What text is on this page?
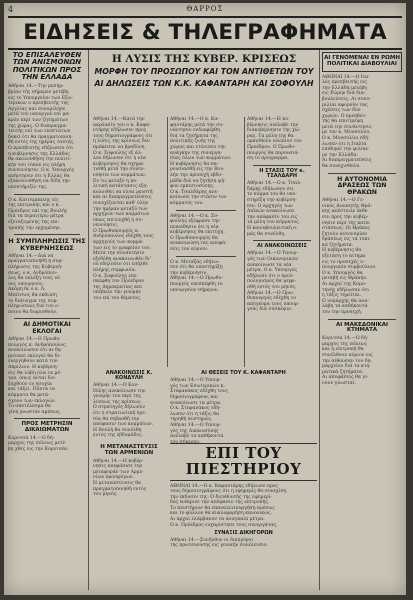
4	ΘΑΡΡΟΣ
ΕΙΔΗΣΕΙΣ & ΤΗΛΕΓΡΑΦΗΜΑΤΑ
ΤΟ ΕΠΙΣΑΛΕΥΘΕΝ ΤΩΝ ΑΝΙΣΜΟΝΩΝ ΠΟΛΙΤΙΚΩΝ ΠΡΟΣ ΤΗΝ ΕΛΛΑΔΑ
Αθήναι 14.—Την μεσημ-
βρίαν τής σήμερον μετέβη
εις το Υπουργείον των Εξω-
τερικών ο πρεσβευτής της
Αγγλίας και συνομίλησε
μετά του υπουργού επί μα-
κρόν περί των ζητημάτων
της χώρας. Ο διαπραγμα-
τευτής επί των ενεστώτων
δοκεί ότι θα πραγματοποιη-
θή εντός της ημέρας ταύτης.
Ο πρεσβευτής εδήλωσεν ότι
η κυβέρνησις της Ελλάδος
θα ακολουθήση την πολιτι-
κήν του τόπου εις πλήρη
συνεννόησιν. Ο κ. Υπουργός
απήντησεν ότι η Ελλάς θα
εξακολουθήση να δίδη την
υποστήριξίν της.
Ο κ. Κατσιμπαλης είς
της επιτροπής και ο κ.
Πρόεδρος επί της Βουλής
διά τα περαιτέρω μέτρα
εξεταζομένης της επι-
τροπής την ερχομένην.
Η ΣΥΜΠΛΗΡΩΣΙΣ ΤΗΣ ΚΥΒΕΡΝΗΣΕΩΣ
Αθήναι 14.—Διά να
πραγματοποιηθή η συμ-
πλήρωσις της Κυβερνή-
σεως, ο κ. Ανδρόπου-
λος θα εκλέξη τους νέ-
ους υπουργούς.
Ακόμη δε ο κ. Λ.
Μπίτσιος θα εκδώση
το διάταγμα της συμ-
πληρώσεως διά του ο-
ποίου θα διορισθούν.
ΑΙ ΔΗΜΟΤΙΚΑΙ ΕΚΛΟΓΑΙ
Αθήναι 14.—Ο Πρωθυ-
πουργός κ. Ανδρόπουλος
ανεκοίνωσεν ότι αι δη-
μοτικαί εκλογαί θα δι-
ενεργηθούν κατά τον
Απρίλιον. Η κυβέρνη-
σις θα λάβη όλα τα μέ-
τρα, όπως αύται διε-
ξαχθούν εν ησυχία
και τάξει. Πάντα τα
κόμματα θα μετά-
σχουν των εκλογών.
Το αποτέλεσμα θα
γίνη γνωστόν αμέσως.
ΠΡΟΣ ΜΕΤΡΗΣΙΝ ΔΙΚΑΙΩΜΑΤΩΝ
Κορυτσά 14.—Ο δή-
μαρχος της πόλεως μετέ-
βη χθες εις την Κορυτσάν
Η ΛΥΣΙΣ ΤΗΣ ΚΥΒΕΡ. ΚΡΙΣΕΩΣ
ΜΟΡΦΗ ΤΟΥ ΠΡΟΣΩΠΟΥ ΚΑΙ ΤΟΝ ΑΝΤΙΘΕΤΩΝ ΤΟΥ
ΑΙ ΔΗΛΩΣΕΙΣ ΤΩΝ Κ.Κ. ΚΑΦΑΝΤΑΡΗ ΚΑΙ ΣΟΦΟΥΛΗ
Αθήναι 14.—Κατά την
ακρόασίν του ο κ. Καφα-
ντάρης εδήλωσεν προς
τους δημοσιογράφους ότι
η λύσις της κρίσεως δεν
πρόκειται να βραδύνη.
Ο κ. Σοφούλης εξ άλ-
λου δήλωσεν ότι η νέα
κυβέρνησις θα σχημα-
τισθή μετά την συνεν-
νόησιν των κομμάτων.
Εν τω μεταξύ η πο-
λιτική κατάστασις εξα-
κολουθεί να είναι ρευστή
και αι διαπραγματεύσεις
συνεχίζονται καθ' όλην
την ημέραν μεταξύ των
αρχηγών των κομμάτων
όπως επιτευχθή η συ-
νεννόησις.
Ο Πρωθυπουργός κ.
Ανδρόπουλος εδέχθη τους
αρχηγούς των κομμά-
των εις το γραφείον του.
Μετά την συνάντησιν
εξεδόθη ανακοινωθέν δι'
ού εδηλούτο ότι επήλθε
πλήρης συμφωνία.
Ο κ. Σοφούλης επε-
σκέφθη τον Πρόεδρον
της Δημοκρατίας και
υπέβαλε την γνώμην
του επί του θέματος.
Αθήναι 14.—Ο κ. Κα-
φαντάρης μετά την συ-
νάντησιν ενδιαφέρθη
διά τα ζητήματα της
πολιτικής ζωής της
χώρας και ετόνισεν την
ανάγκην της συνεργα-
σίας όλων των κομμάτων.
Η κυβέρνησις θα πα-
ρουσιασθή εις την Βου-
λήν την προσεχή εβδο-
μάδα διά να ζητήση ψή-
φον εμπιστοσύνης.
Ο κ. Τσαλδάρης ανε-
κοίνωσε την στάσιν του
κόμματός του.
Αθήναι 14.—Ο κ. Σο-
φούλης εξέφρασε την
πεποίθησιν ότι η νέα
κυβέρνησις θα επιτύχη.
Ο Πρωθυπουργός θα
ανακοινώση τας αποφά-
σεις του αύριον.
Ο κ. Μεταξάς εδήλω-
σεν ότι θα υποστηρίξη
την κυβέρνησιν.
Αθήναι 14.—Ο Πρωθυ-
πουργός επεσκέφθη το
υπουργείον σήμερον.
Αθήναι 14.—Η κυ-
βέρνησις ανέλαβε την
διακυβέρνησιν της χώ-
ρας. Τα μέλη της θα
ορκισθούν ενώπιον του
Προέδρου. Ο Πρωθυ-
πουργός θα παρουσιά-
ση το πρόγραμμα.
Η ΣΤΑΣΙΣ ΤΟΥ κ. ΤΣΑΛΔΑΡΗ
Αθήναι 14.—Ο κ. Τσαλ-
δάρης εδήλωσεν ότι
το κόμμα του θα υπο-
στηρίξη την κυβέρνη-
σιν. Ο αρχηγός των
Λαϊκών ανακοίνωσε
την απόφασίν του εις
τα μέλη του κόμματος.
Η κοινοβουλευτική ο-
μάς θα συνέλθη.
ΑΙ ΑΝΑΚΟΙΝΩΣΕΙΣ
Αθήναι 14.—Ο Υπουρ-
γός των Οικονομικών
ανεκοίνωσε τα νέα
μέτρα. Ο κ. Υπουργός
εδήλωσε ότι ο προϋ-
πολογισμός θα ψηφι-
σθή εντός του μηνός.
Αθήναι 14.—Ο Πρω-
θυπουργός εδέχθη το
απόγευμα τους υπουρ-
γούς διά σύσκεψιν.
ΑΝΑΚΟΙΝΩΣΙΣ Κ. ΚΟΝΔΥΛΗ
Αθήναι 14.—Ο Κον-
δύλης ανεκοίνωσε την
γνώμην του περί της
λύσεως της κρίσεως.
Ο στρατηγός δήλωσεν
ότι η στρατιωτική ηγε-
σία θα σεβασθή την
απόφασιν των κομμάτων.
Η Βουλή θα συνέλθη
εντός της εβδομάδος.
ΑΙ ΘΕΣΕΙΣ ΤΟΥ Κ. ΚΑΦΑΝΤΑΡΗ
Αθήναι 14.—Ο Υπουρ-
γός των Εσωτερικών κ.
Στεφανάκος εδέχθη τους
δημοσιογράφους και
ανεκοίνωσε τα μέτρα.
Ο κ. Στεφανάκος εδή-
λωσεν ότι η τάξις θα
τηρηθή αυστηρώς.
Αθήναι 14.—Ο Υπουρ-
γός της Δικαιοσύνης
ανέλαβε τα καθήκοντά
του σήμερον.
Η ΜΕΤΑΝΑΣΤΕΥΣΙΣ ΤΩΝ ΑΡΜΕΝΙΩΝ
Αθήναι 14.—Η κυβέρ-
νησις απεφάσισε την
μεταφοράν των Αρμε-
νίων προσφύγων.
Η μετανάστευσις θα
πραγματοποιηθή εντός
του μηνός.
ΕΠΙ ΤΟΥ ΠΙΕΣΤΗΡΙΟΥ
ΑΘΗΝΑΙ 14.—Ο κ. Καφαντάρης εδήλωσε προς
τους δημοσιογράφους ότι η εφημερίς θα συνεχίση
την έκδοσίν της. Ο διευθυντής της εφημερί-
δος ενέκρινε την απόφασιν της επιτροπής.
Το πιεστήριον θα επαναλειτουργήση αμέσως
και το φύλλον θα κυκλοφορήση κανονικώς.
Αι αρχαί ελάμβανον τα αναγκαία μέτρα.
Ο κ. Πρόεδρος ευχαρίστησε τους συνεργάτας.
ΣΥΝΑΞΙΣ ΔΙΚΗΓΟΡΩΝ
Αθήναι 14.—Συνήλθον οι δικηγόροι
της πρωτευούσης εις γενικήν συνέλευσιν.
ΑΙ ΓΕΝΟΜΕΝΑΙ ΕΝ ΡΩΜΗ ΠΟΛΙΤΙΚΑΙ ΔΙΑΒΟΥΛΙΑΙ
ΑΘΗΝΑΙ 14.—Ο Ιτα-
λός πρεσβευτής εις
την Ελλάδα μετέβη
εις Ρώμην διά δια-
βουλεύσεις. Αι συνο-
μιλίαι αφορούν τας
σχέσεις των δύο
χωρών. Ο πρεσβευ-
τής θα επιστρέψη
μετά την συνάντησιν
με τον κ. Μουσολίνι.
Ο κ. Μουσολίνι εδή-
λωσεν ότι η Ιταλία
επιθυμεί την φιλίαν
με την Ελλάδα.
Αι διαπραγματεύσεις
θα συνεχισθούν.
Η ΑΥΤΟΝΟΜΙΑ ΔΡΑΣΕΩΣ ΤΩΝ ΘΡΑΚΩΝ
Αθήναι 14.—Ο Γε-
νικός Διοικητής Θρά-
κης απέστειλε έκθε-
σιν προς την κυβέρ-
νησιν περί της κατα-
στάσεως. Οι Θράκες
ζητούν αυτονομίαν
δράσεως εις τα τοπι-
κά ζητήματα.
Η κυβέρνησις θα
εξετάση το αίτημα
εις το προσεχές υ-
πουργικόν συμβούλιον.
Ο κ. Υπουργός θα
μεταβή εις Θράκην.
Αι αρχαί της Κομο-
τηνής εδήλωσαν ότι
η τάξις τηρείται.
Ο νομάρχης θα ανα-
λάβη τα καθήκοντά
του την προσεχή.
ΑΙ ΜΑΚΕΔΟΝΙΚΑΙ ΚΤΗΜΑΤΑ
Κορυτσά 14.—Ο δή-
μαρχος της πόλεως
και η επιτροπή θα
συνέλθουν αύριον εις
την αίθουσαν του δη-
μαρχείου διά τα κτη-
ματικά ζητήματα.
Αι αποφάσεις θα γί-
νουν γνωσταί.
